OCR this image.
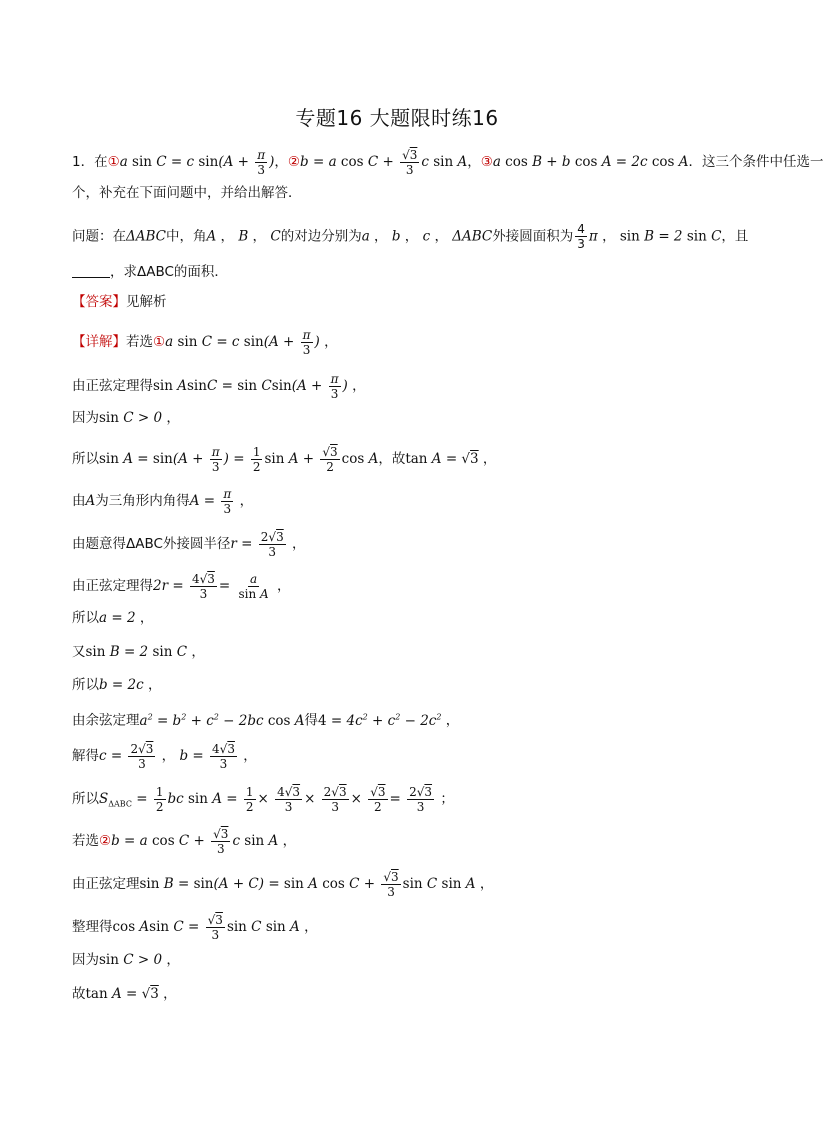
专题16 大题限时练16
1．在①a sin C = c $\sin(A + \frac{\pi}{3}$ )，②b = a $\cos C + \frac{√3}{3}$ c sin A，③a cos B + b cos A = 2c cos A．这三个条件中任选一
个，补充在下面问题中，并给出解答．
问题：在ΔABC中，角A ， B ， C的对边分别为a ， b ， c ， ΔABC外接圆面积为 $\frac{4}{3}$ π ， sin B = 2 sin C，且
，求ΔABC的面积．
【答案】见解析
【详解】若选①a sin C = c $\sin(A + \frac{\pi}{3}$ ) ，
由正弦定理得$\sin AsinC = \sin Csin(A + \frac{\pi}{3}$ ) ，
因为sin C > 0 ，
所以$\sin A = \sin(A + \frac{\pi}{3}$ ) = $\frac{1}{2}$ $\sin A + \frac{√3}{2}$ cos A，故tan A = √3 ，
由A为三角形内角得$A = \frac{\pi}{3}$ ，
由题意得ΔABC外接圆半径$r = \frac{2√3}{3}$ ，
由正弦定理得$2r = \frac{4√3}{3} = \frac{a}{\text{sin A}}$ ，
所以a = 2 ，
又sin B = 2 sin C ，
所以b = 2c ，
由余弦定理$a^2 = b^2 + c^2 - 2bc$ cos A得$4 = 4c^2 + c^2 - 2c^2$ ，
解得$c = \frac{2√3}{3}$ ， $b = \frac{4√3}{3}$ ，
所以$S_{\Delta ABC} = \frac{1}{2}$ bc $\sin A = \frac{1}{2} \times \frac{4√3}{3} \times \frac{2√3}{3} \times \frac{√3}{2} = \frac{2√3}{3}$ ；
若选②b = a $\cos C + \frac{√3}{3}$ c sin A ，
由正弦定理sin B = sin(A + C) = sin A $\cos C + \frac{√3}{3}$ sin C sin A ，
整理得cos Asin $C = \frac{√3}{3}$ sin C sin A ，
因为sin C > 0 ，
故tan A = √3 ，
